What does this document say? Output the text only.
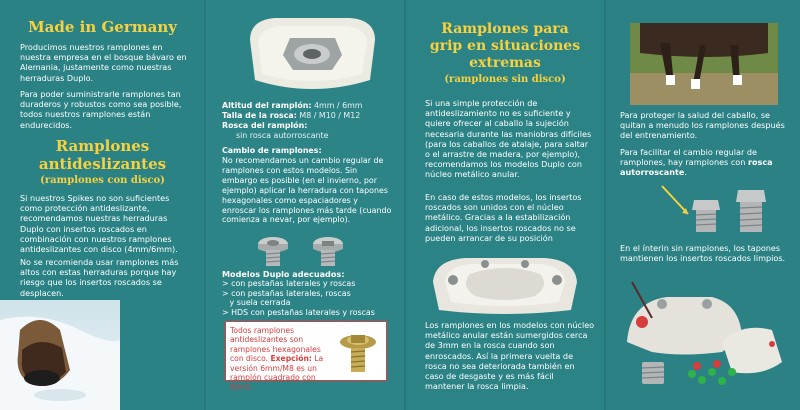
Made in Germany

Producimos nuestros ramplones en nuestra empresa en el bosque bávaro en Alemania, justamente como nuestras herraduras Duplo.

Para poder suministrarle ramplones tan duraderos y robustos como sea posible, todos nuestros ramplones están endurecidos.

Ramplones
antideslizantes
(ramplones con disco)

Si nuestros Spikes no son suficientes como protección antideslizante, recomendamos nuestras herraduras Duplo con insertos roscados en combinación con nuestros ramplones antideslizantes con disco (4mm/6mm).

No se recomienda usar ramplones más altos con estas herraduras porque hay riesgo que los insertos roscados se desplacen.

Altitud del ramplón: 4mm / 6mm
Talla de la rosca: M8 / M10 / M12
Rosca del ramplón:
sin rosca autorroscante
Cambio de ramplones:

No recomendamos un cambio regular de ramplones con estos modelos. Sin embargo es posible (en el invierno, por ejemplo) aplicar la herradura con tapones hexagonales como espaciadores y enroscar los ramplones más tarde (cuando comienza a nevar, por ejemplo).

Modelos Duplo adecuados:
> con pestañas laterales y roscas
> con pestañas laterales, roscas
y suela cerrada
> HDS con pestañas laterales y roscas
Todos ramplones antideslizantes son ramplones hexagonales con disco. Exepción: La versión 6mm/M8 es un ramplón cuadrado con disco.
Ramplones para
grip en situaciones
extremas
(ramplones sin disco)

Si una simple protección de antideslizamiento no es suficiente y quiere ofrecer al caballo la sujeción necesaria durante las maniobras difíciles (para los caballos de atalaje, para saltar o el arrastre de madera, por ejemplo), recomendamos los modelos Duplo con núcleo metálico anular.

En caso de estos modelos, los insertos roscados son unidos con el núcleo metálico. Gracias a la estabilización adicional, los insertos roscados no se pueden arrancar de su posición

Los ramplones en los modelos con núcleo metálico anular están sumergidos cerca de 3mm en la rosca cuando son enroscados. Así la primera vuelta de rosca no sea deteriorada también en caso de desgaste y es más fácil mantener la rosca limpia.

Para proteger la salud del caballo, se quitan a menudo los ramplones después del entrenamiento.

Para facilitar el cambio regular de ramplones, hay ramplones con rosca autorroscante.

En el ínterin sin ramplones, los tapones mantienen los insertos roscados limpios.
